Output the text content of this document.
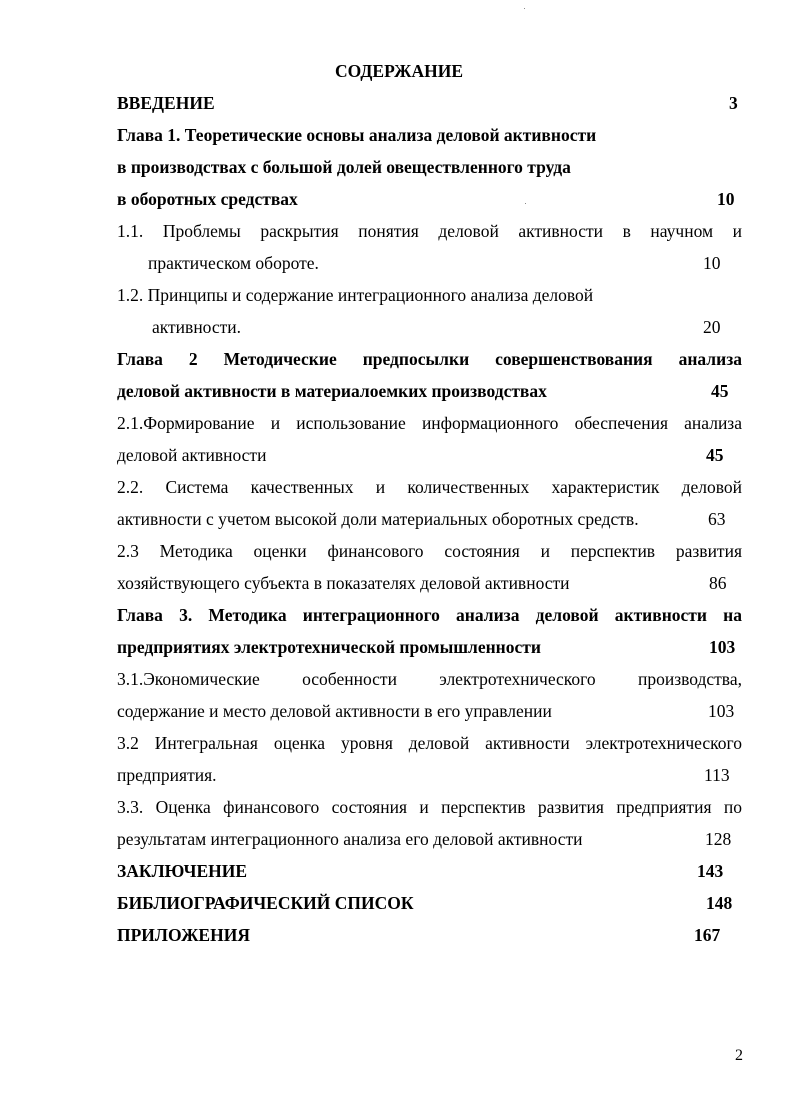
СОДЕРЖАНИЕ
ВВЕДЕНИЕ	3
Глава 1. Теоретические основы анализа деловой активности
в производствах с большой долей овеществленного труда
в оборотных средствах	10
1.1. Проблемы раскрытия понятия деловой активности в научном и
практическом обороте.	10
1.2. Принципы и содержание интеграционного анализа деловой
активности.	20
Глава 2 Методические предпосылки совершенствования анализа
деловой активности в материалоемких производствах	45
2.1.Формирование и использование информационного обеспечения анализа
деловой активности	45
2.2. Система качественных и количественных характеристик деловой
активности с учетом высокой доли материальных оборотных средств.	63
2.3 Методика оценки финансового состояния и перспектив развития
хозяйствующего субъекта в показателях деловой активности	86
Глава 3. Методика интеграционного анализа деловой активности на
предприятиях электротехнической промышленности	103
3.1.Экономические особенности электротехнического производства,
содержание и место деловой активности в его управлении	103
3.2 Интегральная оценка уровня деловой активности электротехнического
предприятия.	113
3.3. Оценка финансового состояния и перспектив развития предприятия по
результатам интеграционного анализа его деловой активности	128
ЗАКЛЮЧЕНИЕ	143
БИБЛИОГРАФИЧЕСКИЙ СПИСОК	148
ПРИЛОЖЕНИЯ	167
2
